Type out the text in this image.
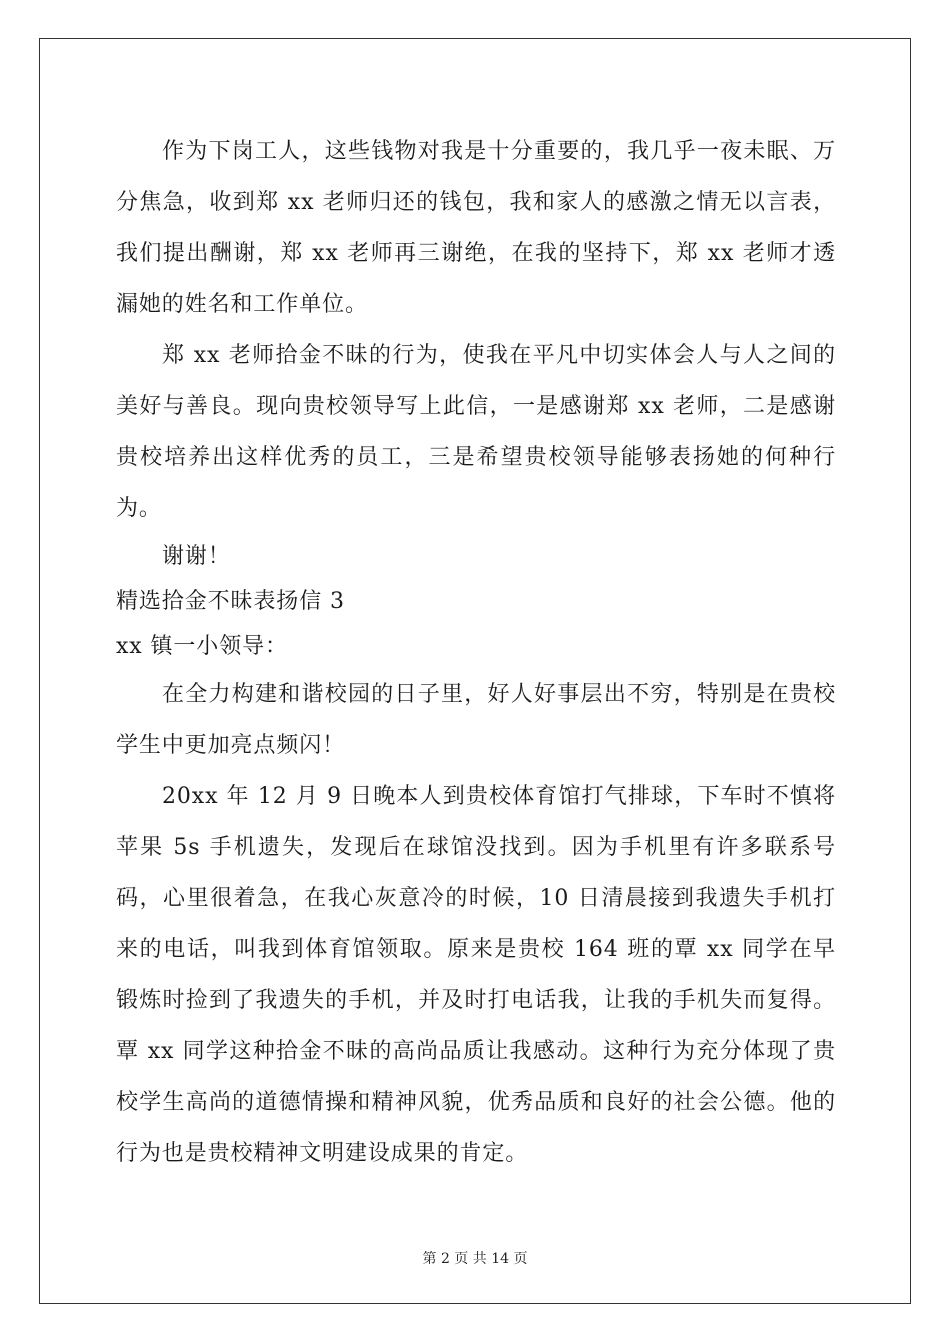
作为下岗工人，这些钱物对我是十分重要的，我几乎一夜未眠、万分焦急，收到郑 xx 老师归还的钱包，我和家人的感激之情无以言表，我们提出酬谢，郑 xx 老师再三谢绝，在我的坚持下，郑 xx 老师才透漏她的姓名和工作单位。

郑 xx 老师拾金不昧的行为，使我在平凡中切实体会人与人之间的美好与善良。现向贵校领导写上此信，一是感谢郑 xx 老师，二是感谢贵校培养出这样优秀的员工，三是希望贵校领导能够表扬她的何种行为。

谢谢！

精选拾金不昧表扬信 3

xx 镇一小领导：

在全力构建和谐校园的日子里，好人好事层出不穷，特别是在贵校学生中更加亮点频闪！

20xx 年 12 月 9 日晚本人到贵校体育馆打气排球，下车时不慎将苹果 5s 手机遗失，发现后在球馆没找到。因为手机里有许多联系号码，心里很着急，在我心灰意冷的时候，10 日清晨接到我遗失手机打来的电话，叫我到体育馆领取。原来是贵校 164 班的覃 xx 同学在早锻炼时捡到了我遗失的手机，并及时打电话我，让我的手机失而复得。覃 xx 同学这种拾金不昧的高尚品质让我感动。这种行为充分体现了贵校学生高尚的道德情操和精神风貌，优秀品质和良好的社会公德。他的行为也是贵校精神文明建设成果的肯定。

第 2 页 共 14 页
